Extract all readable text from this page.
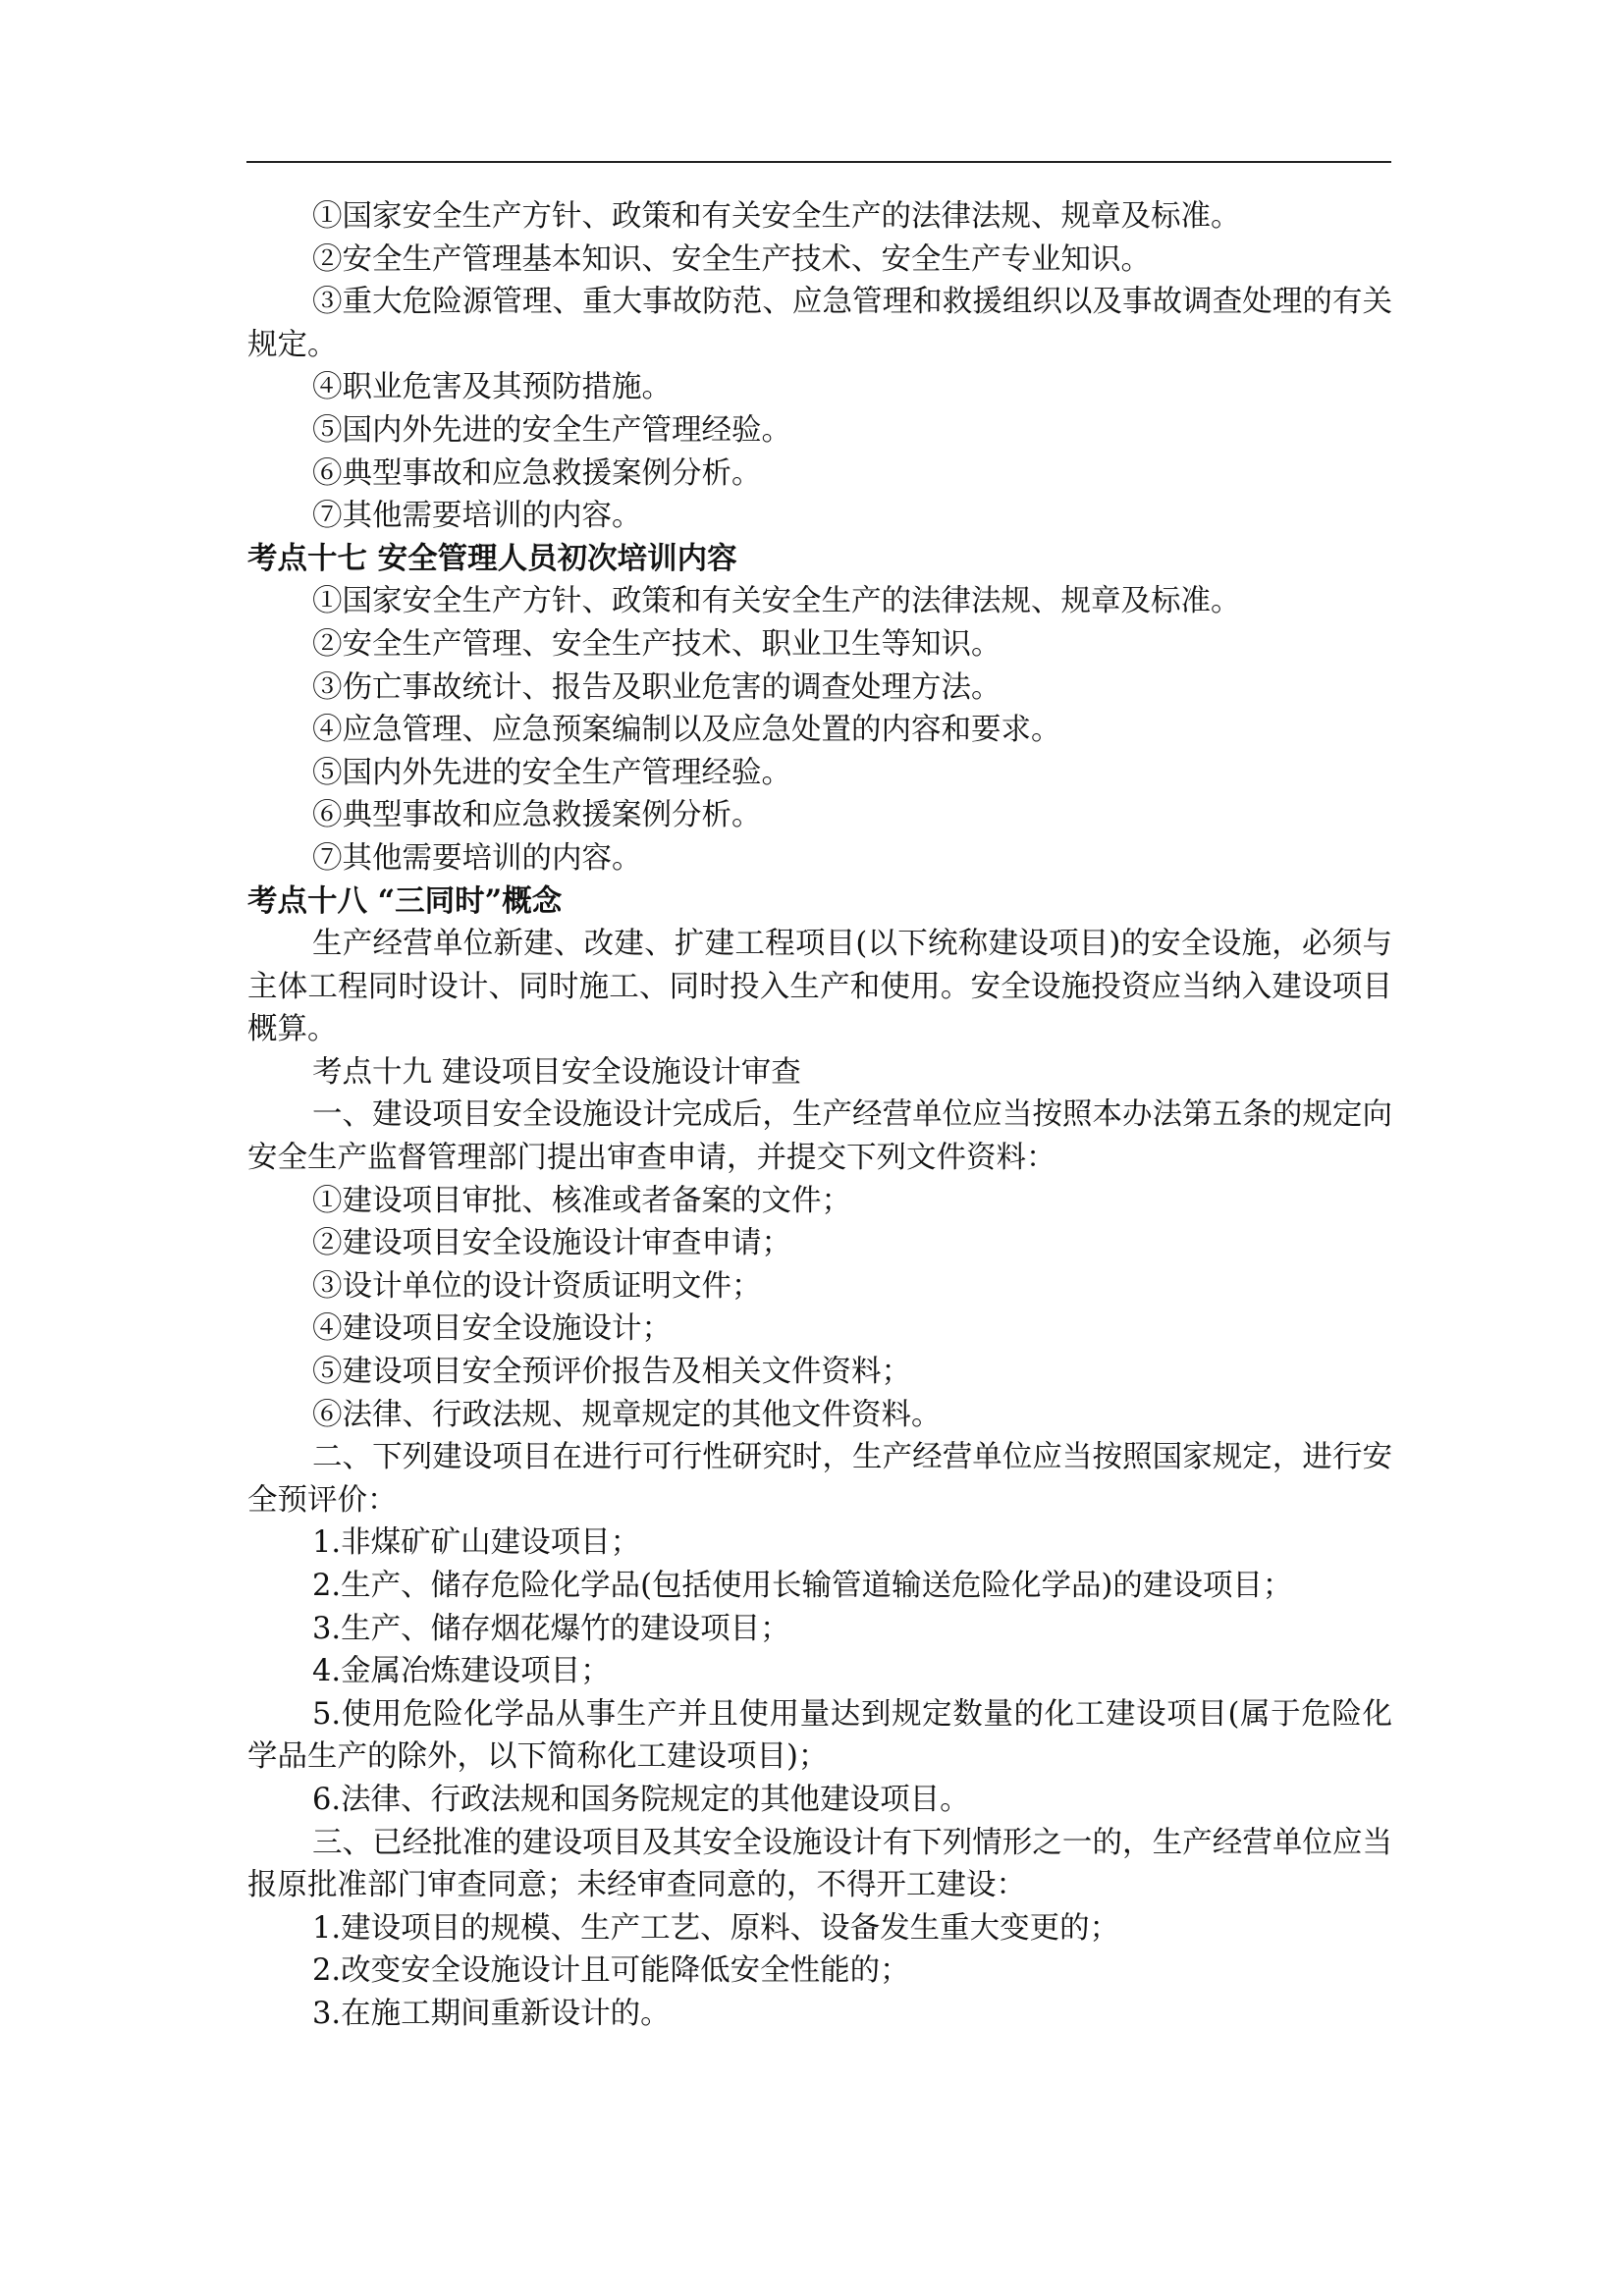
①国家安全生产方针、政策和有关安全生产的法律法规、规章及标准。

②安全生产管理基本知识、安全生产技术、安全生产专业知识。

③重大危险源管理、重大事故防范、应急管理和救援组织以及事故调查处理的有关规定。

④职业危害及其预防措施。

⑤国内外先进的安全生产管理经验。

⑥典型事故和应急救援案例分析。

⑦其他需要培训的内容。

考点十七 安全管理人员初次培训内容

①国家安全生产方针、政策和有关安全生产的法律法规、规章及标准。

②安全生产管理、安全生产技术、职业卫生等知识。

③伤亡事故统计、报告及职业危害的调查处理方法。

④应急管理、应急预案编制以及应急处置的内容和要求。

⑤国内外先进的安全生产管理经验。

⑥典型事故和应急救援案例分析。

⑦其他需要培训的内容。

考点十八 “三同时”概念

生产经营单位新建、改建、扩建工程项目(以下统称建设项目)的安全设施，必须与主体工程同时设计、同时施工、同时投入生产和使用。安全设施投资应当纳入建设项目概算。

考点十九 建设项目安全设施设计审查

一、建设项目安全设施设计完成后，生产经营单位应当按照本办法第五条的规定向安全生产监督管理部门提出审查申请，并提交下列文件资料：

①建设项目审批、核准或者备案的文件；

②建设项目安全设施设计审查申请；

③设计单位的设计资质证明文件；

④建设项目安全设施设计；

⑤建设项目安全预评价报告及相关文件资料；

⑥法律、行政法规、规章规定的其他文件资料。

二、下列建设项目在进行可行性研究时，生产经营单位应当按照国家规定，进行安全预评价：

1.非煤矿矿山建设项目；

2.生产、储存危险化学品(包括使用长输管道输送危险化学品)的建设项目；

3.生产、储存烟花爆竹的建设项目；

4.金属冶炼建设项目；

5.使用危险化学品从事生产并且使用量达到规定数量的化工建设项目(属于危险化学品生产的除外，以下简称化工建设项目)；

6.法律、行政法规和国务院规定的其他建设项目。

三、已经批准的建设项目及其安全设施设计有下列情形之一的，生产经营单位应当报原批准部门审查同意；未经审查同意的，不得开工建设：

1.建设项目的规模、生产工艺、原料、设备发生重大变更的；

2.改变安全设施设计且可能降低安全性能的；

3.在施工期间重新设计的。
